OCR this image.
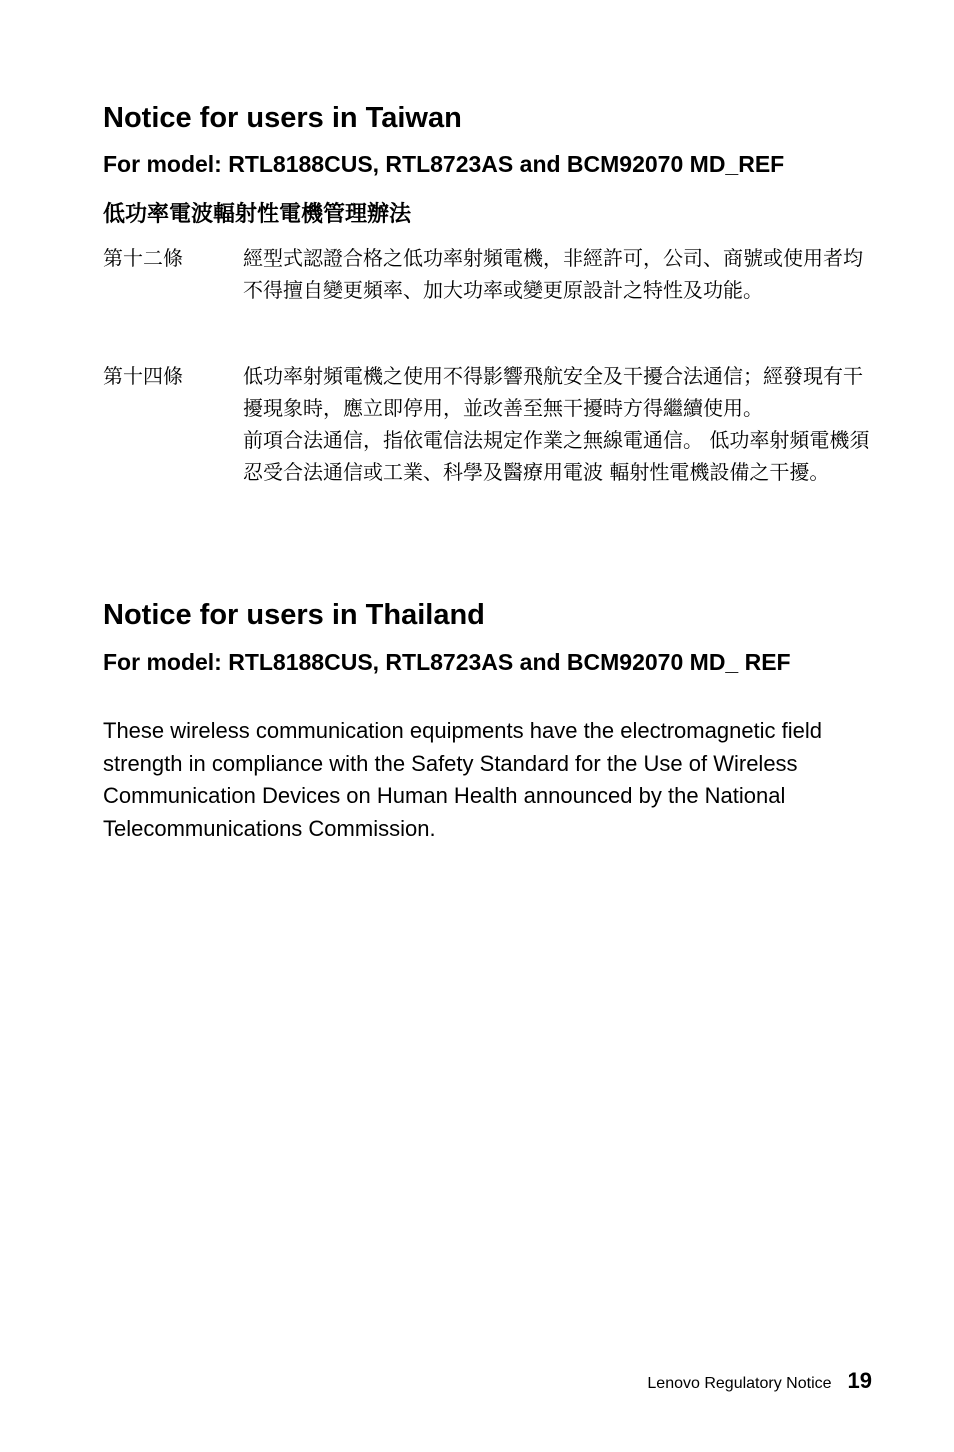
Notice for users in Taiwan
For model: RTL8188CUS, RTL8723AS and BCM92070 MD_REF
低功率電波輻射性電機管理辦法
第十二條	經型式認證合格之低功率射頻電機，非經許可，公司、商號或使用者均不得擅自變更頻率、加大功率或變更原設計之特性及功能。

第十四條	低功率射頻電機之使用不得影響飛航安全及干擾合法通信；經發現有干擾現象時，應立即停用，並改善至無干擾時方得繼續使用。

前項合法通信，指依電信法規定作業之無線電通信。 低功率射頻電機須忍受合法通信或工業、科學及醫療用電波 輻射性電機設備之干擾。

Notice for users in Thailand
For model: RTL8188CUS, RTL8723AS and BCM92070 MD_ REF

These wireless communication equipments have the electromagnetic field strength in compliance with the Safety Standard for the Use of Wireless Communication Devices on Human Health announced by the National Telecommunications Commission.

Lenovo Regulatory Notice 19
